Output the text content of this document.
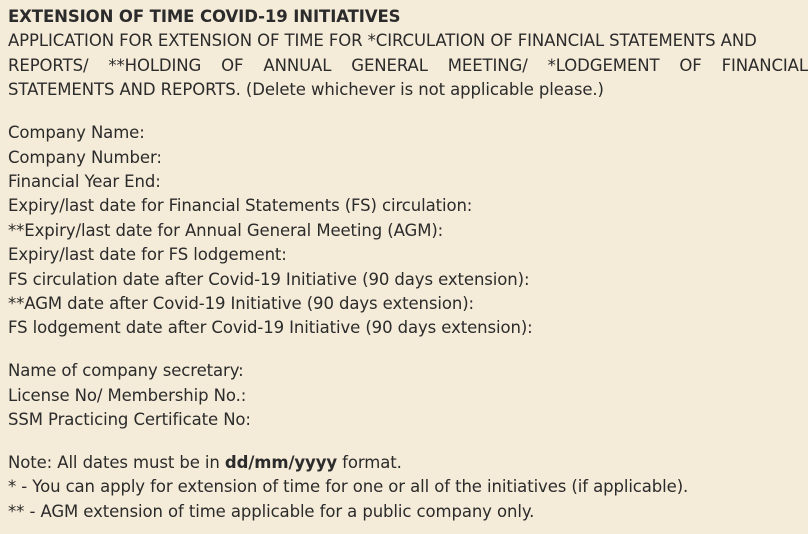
EXTENSION OF TIME COVID-19 INITIATIVES
APPLICATION FOR EXTENSION OF TIME FOR *CIRCULATION OF FINANCIAL STATEMENTS AND
REPORTS/ **HOLDING OF ANNUAL GENERAL MEETING/ *LODGEMENT OF FINANCIAL
STATEMENTS AND REPORTS. (Delete whichever is not applicable please.)
Company Name:
Company Number:
Financial Year End:
Expiry/last date for Financial Statements (FS) circulation:
**Expiry/last date for Annual General Meeting (AGM):
Expiry/last date for FS lodgement:
FS circulation date after Covid-19 Initiative (90 days extension):
**AGM date after Covid-19 Initiative (90 days extension):
FS lodgement date after Covid-19 Initiative (90 days extension):
Name of company secretary:
License No/ Membership No.:
SSM Practicing Certificate No:
Note: All dates must be in dd/mm/yyyy format.
* - You can apply for extension of time for one or all of the initiatives (if applicable).
** - AGM extension of time applicable for a public company only.
